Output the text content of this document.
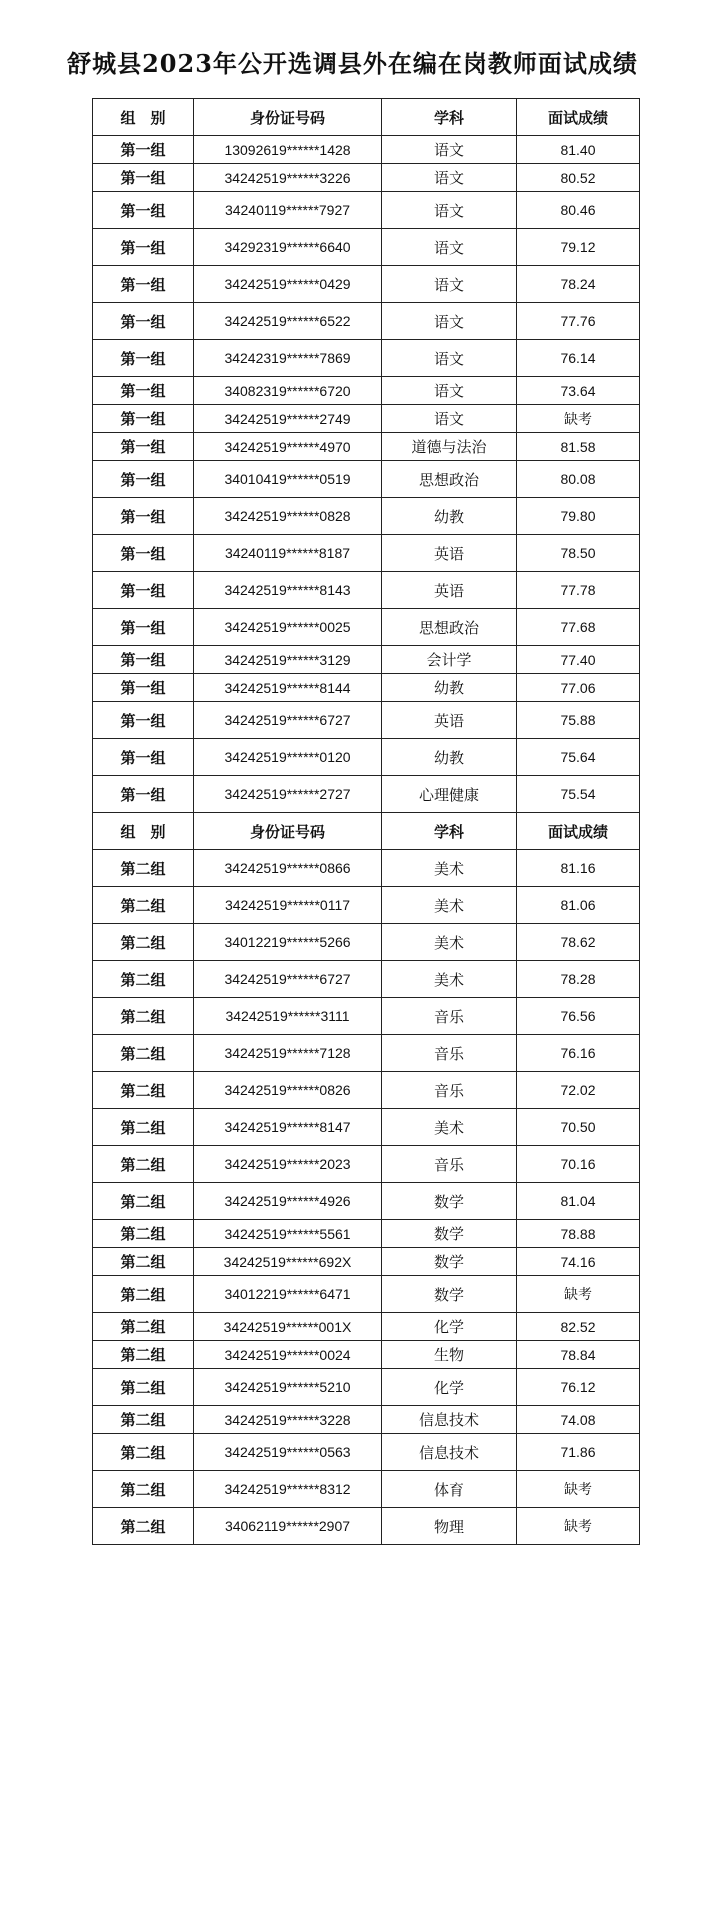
舒城县2023年公开选调县外在编在岗教师面试成绩
组　别	身份证号码	学科	面试成绩
第一组	13092619******1428	语文	81.40
第一组	34242519******3226	语文	80.52
第一组	34240119******7927	语文	80.46
第一组	34292319******6640	语文	79.12
第一组	34242519******0429	语文	78.24
第一组	34242519******6522	语文	77.76
第一组	34242319******7869	语文	76.14
第一组	34082319******6720	语文	73.64
第一组	34242519******2749	语文	缺考
第一组	34242519******4970	道德与法治	81.58
第一组	34010419******0519	思想政治	80.08
第一组	34242519******0828	幼教	79.80
第一组	34240119******8187	英语	78.50
第一组	34242519******8143	英语	77.78
第一组	34242519******0025	思想政治	77.68
第一组	34242519******3129	会计学	77.40
第一组	34242519******8144	幼教	77.06
第一组	34242519******6727	英语	75.88
第一组	34242519******0120	幼教	75.64
第一组	34242519******2727	心理健康	75.54
组　别	身份证号码	学科	面试成绩
第二组	34242519******0866	美术	81.16
第二组	34242519******0117	美术	81.06
第二组	34012219******5266	美术	78.62
第二组	34242519******6727	美术	78.28
第二组	34242519******3111	音乐	76.56
第二组	34242519******7128	音乐	76.16
第二组	34242519******0826	音乐	72.02
第二组	34242519******8147	美术	70.50
第二组	34242519******2023	音乐	70.16
第二组	34242519******4926	数学	81.04
第二组	34242519******5561	数学	78.88
第二组	34242519******692X	数学	74.16
第二组	34012219******6471	数学	缺考
第二组	34242519******001X	化学	82.52
第二组	34242519******0024	生物	78.84
第二组	34242519******5210	化学	76.12
第二组	34242519******3228	信息技术	74.08
第二组	34242519******0563	信息技术	71.86
第二组	34242519******8312	体育	缺考
第二组	34062119******2907	物理	缺考
